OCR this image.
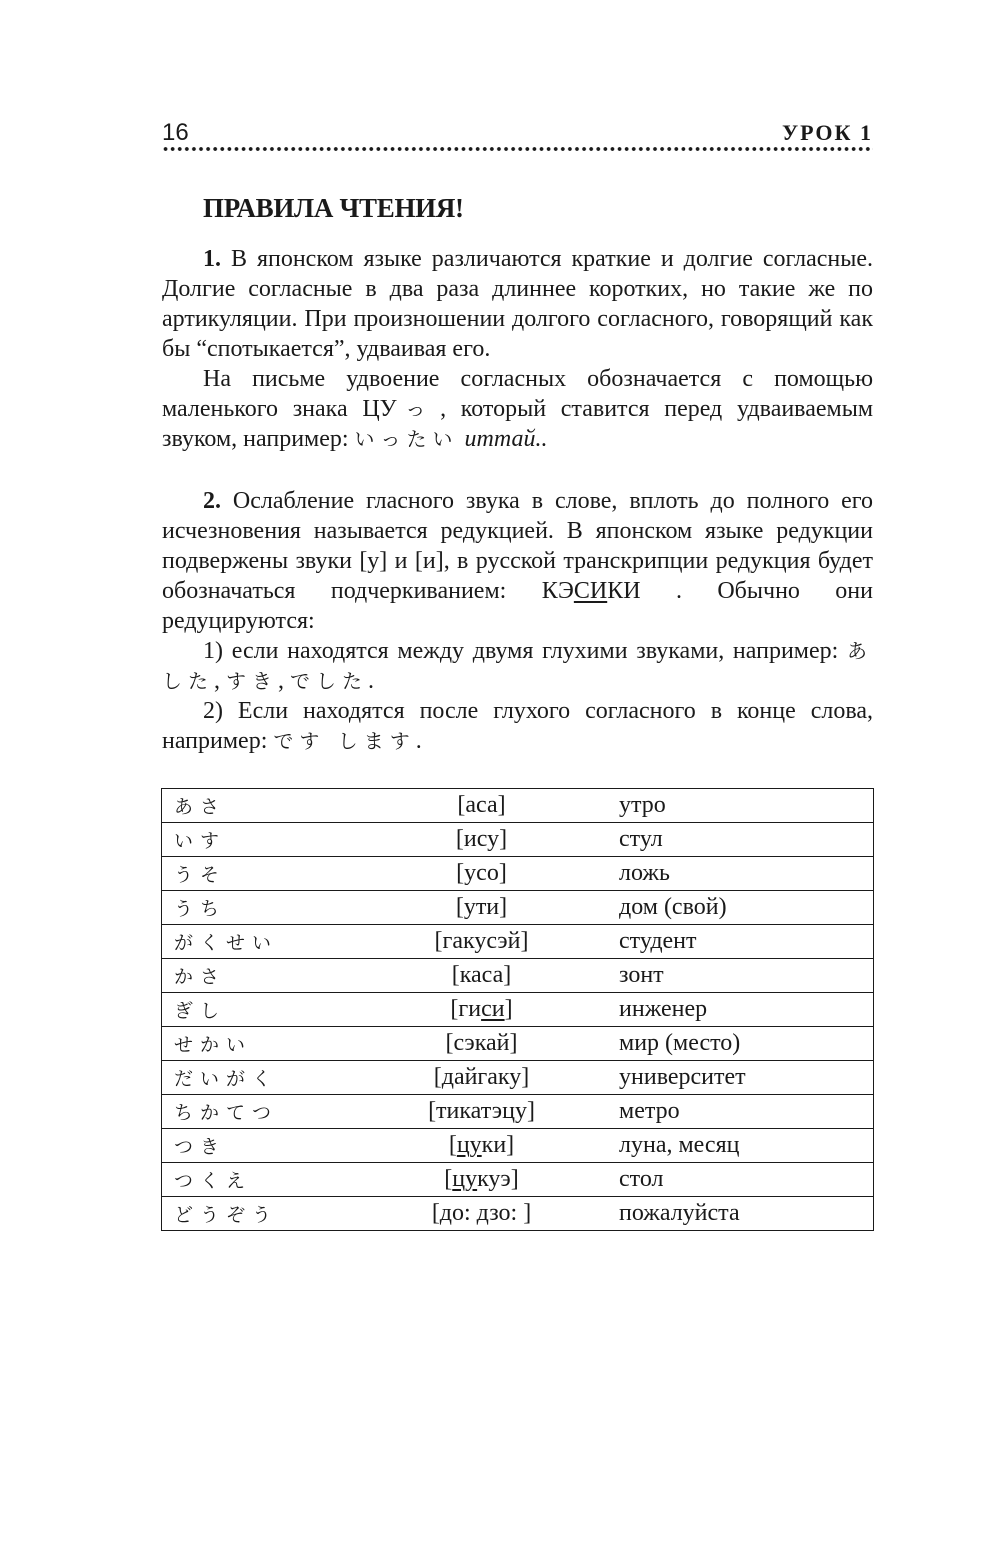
16	УРОК 1
ПРАВИЛА ЧТЕНИЯ!

1. В японском языке различаются краткие и долгие согласные. Долгие согласные в два раза длиннее коротких, но такие же по артикуляции. При произношении долгого согласного, говорящий как бы “спотыкается”, удваивая его.

На письме удвоение согласных обозначается с помощью маленького знака ЦУっ, который ставится перед удваиваемым звуком, например: いったい иттай..

2. Ослабление гласного звука в слове, вплоть до полного его исчезновения называется редукцией. В японском языке редукции подвержены звуки [у] и [и], в русской транскрипции редукция будет обозначаться подчеркиванием: КЭСИКИ . Обычно они редуцируются:

1) если находятся между двумя глухими звуками, например: あした, すき, でした.

2) Если находятся после глухого согласного в конце слова, например: です します.

あさ	[аса]	утро
いす	[ису]	стул
うそ	[усо]	ложь
うち	[ути]	дом (свой)
がくせい	[гакусэй]	студент
かさ	[каса]	зонт
ぎし	[гиси]	инженер
せかい	[сэкай]	мир (место)
だいがく	[дайгаку]	университет
ちかてつ	[тикатэцу]	метро
つき	[цуки]	луна, месяц
つくえ	[цукуэ]	стол
どうぞう	[до: дзо: ]	пожалуйста
